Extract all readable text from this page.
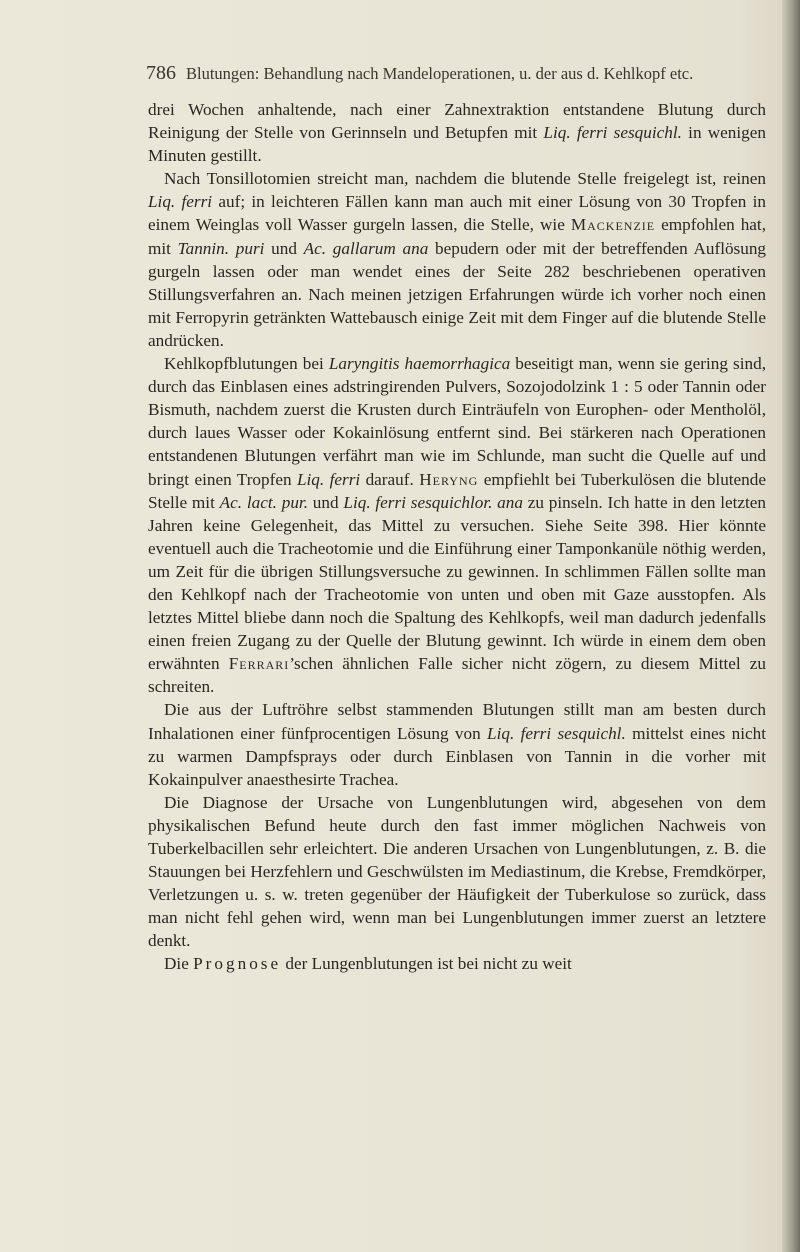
786 Blutungen: Behandlung nach Mandeloperationen, u. der aus d. Kehlkopf etc.

drei Wochen anhaltende, nach einer Zahnextraktion entstandene Blutung durch Reinigung der Stelle von Gerinnseln und Betupfen mit Liq. ferri sesquichl. in wenigen Minuten gestillt.

Nach Tonsillotomien streicht man, nachdem die blutende Stelle freigelegt ist, reinen Liq. ferri auf; in leichteren Fällen kann man auch mit einer Lösung von 30 Tropfen in einem Weinglas voll Wasser gurgeln lassen, die Stelle, wie Mackenzie empfohlen hat, mit Tannin. puri und Ac. gallarum ana bepudern oder mit der betreffenden Auflösung gurgeln lassen oder man wendet eines der Seite 282 beschriebenen operativen Stillungsverfahren an. Nach meinen jetzigen Erfahrungen würde ich vorher noch einen mit Ferropyrin getränkten Wattebausch einige Zeit mit dem Finger auf die blutende Stelle andrücken.

Kehlkopfblutungen bei Laryngitis haemorrhagica beseitigt man, wenn sie gering sind, durch das Einblasen eines adstringirenden Pulvers, Sozojodolzink 1 : 5 oder Tannin oder Bismuth, nachdem zuerst die Krusten durch Einträufeln von Europhen- oder Mentholöl, durch laues Wasser oder Kokainlösung entfernt sind. Bei stärkeren nach Operationen entstandenen Blutungen verfährt man wie im Schlunde, man sucht die Quelle auf und bringt einen Tropfen Liq. ferri darauf. Heryng empfiehlt bei Tuberkulösen die blutende Stelle mit Ac. lact. pur. und Liq. ferri sesquichlor. ana zu pinseln. Ich hatte in den letzten Jahren keine Gelegenheit, das Mittel zu versuchen. Siehe Seite 398. Hier könnte eventuell auch die Tracheotomie und die Einführung einer Tamponkanüle nöthig werden, um Zeit für die übrigen Stillungsversuche zu gewinnen. In schlimmen Fällen sollte man den Kehlkopf nach der Tracheotomie von unten und oben mit Gaze ausstopfen. Als letztes Mittel bliebe dann noch die Spaltung des Kehlkopfs, weil man dadurch jedenfalls einen freien Zugang zu der Quelle der Blutung gewinnt. Ich würde in einem dem oben erwähnten Ferrari’schen ähnlichen Falle sicher nicht zögern, zu diesem Mittel zu schreiten.

Die aus der Luftröhre selbst stammenden Blutungen stillt man am besten durch Inhalationen einer fünfprocentigen Lösung von Liq. ferri sesquichl. mittelst eines nicht zu warmen Dampfsprays oder durch Einblasen von Tannin in die vorher mit Kokainpulver anaesthesirte Trachea.

Die Diagnose der Ursache von Lungenblutungen wird, abgesehen von dem physikalischen Befund heute durch den fast immer möglichen Nachweis von Tuberkelbacillen sehr erleichtert. Die anderen Ursachen von Lungenblutungen, z. B. die Stauungen bei Herzfehlern und Geschwülsten im Mediastinum, die Krebse, Fremdkörper, Verletzungen u. s. w. treten gegenüber der Häufigkeit der Tuberkulose so zurück, dass man nicht fehl gehen wird, wenn man bei Lungenblutungen immer zuerst an letztere denkt.

Die Prognose der Lungenblutungen ist bei nicht zu weit
